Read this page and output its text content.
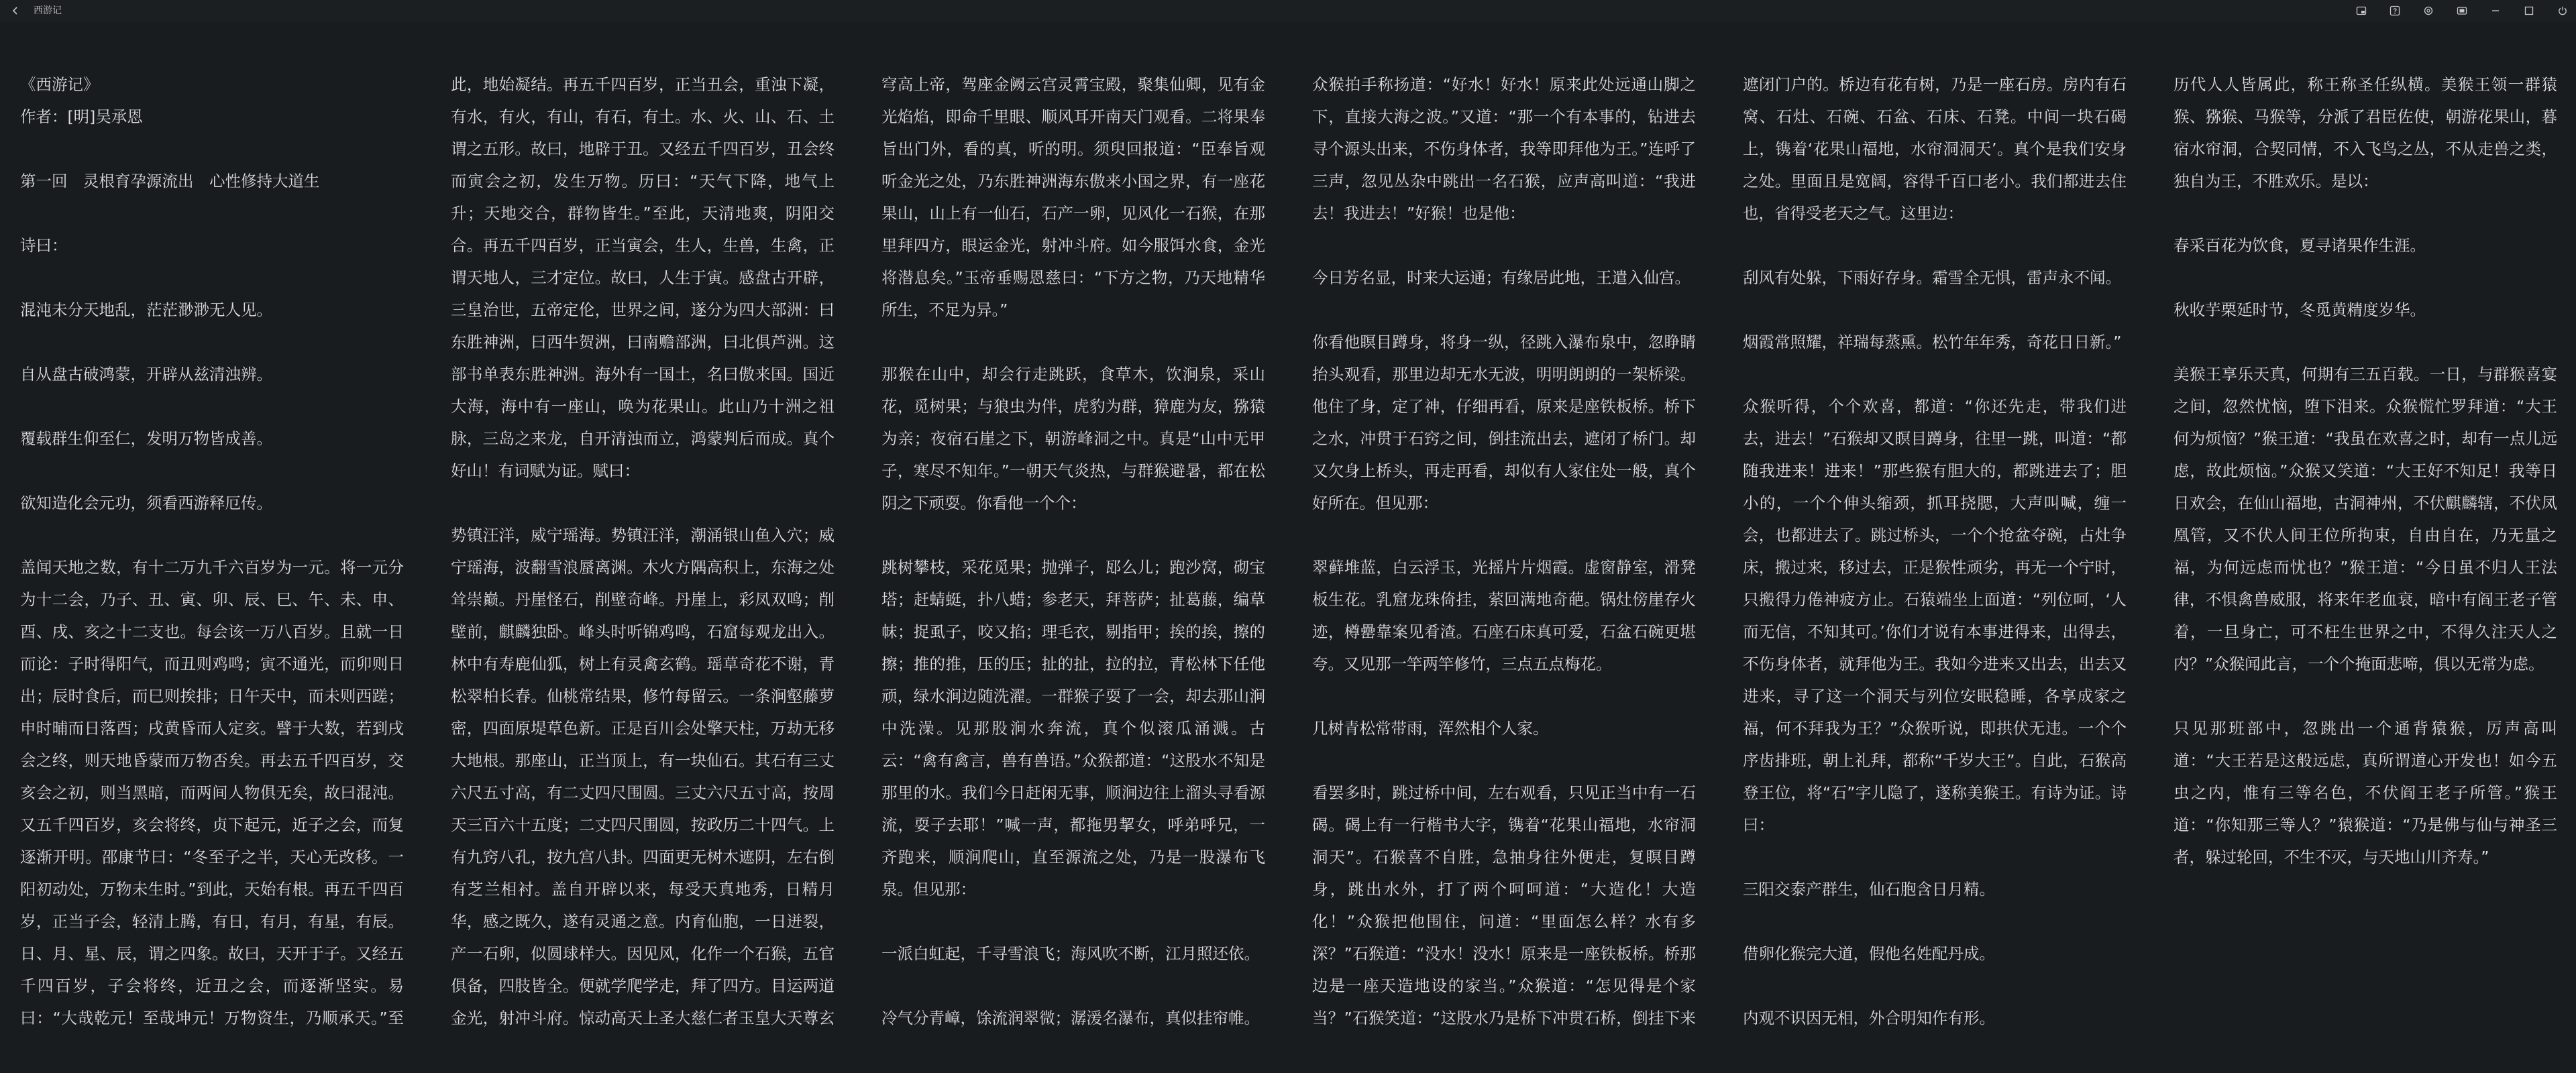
西游记

《西游记》

作者：[明]吴承恩

第一回　灵根育孕源流出　心性修持大道生

诗曰：

混沌未分天地乱，茫茫渺渺无人见。

自从盘古破鸿蒙，开辟从兹清浊辨。

覆载群生仰至仁，发明万物皆成善。

欲知造化会元功，须看西游释厄传。

盖闻天地之数，有十二万九千六百岁为一元。将一元分为十二会，乃子、丑、寅、卯、辰、巳、午、未、申、酉、戌、亥之十二支也。每会该一万八百岁。且就一日而论：子时得阳气，而丑则鸡鸣；寅不通光，而卯则日出；辰时食后，而巳则挨排；日午天中，而未则西蹉；申时晡而日落酉；戌黄昏而人定亥。譬于大数，若到戌会之终，则天地昏蒙而万物否矣。再去五千四百岁，交亥会之初，则当黑暗，而两间人物俱无矣，故曰混沌。又五千四百岁，亥会将终，贞下起元，近子之会，而复逐渐开明。邵康节曰：“冬至子之半，天心无改移。一阳初动处，万物未生时。”到此，天始有根。再五千四百岁，正当子会，轻清上腾，有日，有月，有星，有辰。日、月、星、辰，谓之四象。故曰，天开于子。又经五千四百岁，子会将终，近丑之会，而逐渐坚实。易曰：“大哉乾元！至哉坤元！万物资生，乃顺承天。”至此，地始凝结。再五千四百岁，正当丑会，重浊下凝，有水，有火，有山，有石，有土。水、火、山、石、土谓之五形。故曰，地辟于丑。又经五千四百岁，丑会终而寅会之初，发生万物。历曰：“天气下降，地气上升；天地交合，群物皆生。”至此，天清地爽，阴阳交合。再五千四百岁，正当寅会，生人，生兽，生禽，正谓天地人，三才定位。故曰，人生于寅。感盘古开辟，三皇治世，五帝定伦，世界之间，遂分为四大部洲：曰东胜神洲，曰西牛贺洲，曰南赡部洲，曰北俱芦洲。这部书单表东胜神洲。海外有一国土，名曰傲来国。国近大海，海中有一座山，唤为花果山。此山乃十洲之祖脉，三岛之来龙，自开清浊而立，鸿蒙判后而成。真个好山！有词赋为证。赋曰：

势镇汪洋，威宁瑶海。势镇汪洋，潮涌银山鱼入穴；威宁瑶海，波翻雪浪蜃离渊。木火方隅高积上，东海之处耸崇巅。丹崖怪石，削壁奇峰。丹崖上，彩凤双鸣；削壁前，麒麟独卧。峰头时听锦鸡鸣，石窟每观龙出入。林中有寿鹿仙狐，树上有灵禽玄鹤。瑶草奇花不谢，青松翠柏长春。仙桃常结果，修竹每留云。一条涧壑藤萝密，四面原堤草色新。正是百川会处擎天柱，万劫无移大地根。那座山，正当顶上，有一块仙石。其石有三丈六尺五寸高，有二丈四尺围圆。三丈六尺五寸高，按周天三百六十五度；二丈四尺围圆，按政历二十四气。上有九窍八孔，按九宫八卦。四面更无树木遮阴，左右倒有芝兰相衬。盖自开辟以来，每受天真地秀，日精月华，感之既久，遂有灵通之意。内育仙胞，一日迸裂，产一石卵，似圆球样大。因见风，化作一个石猴，五官俱备，四肢皆全。便就学爬学走，拜了四方。目运两道金光，射冲斗府。惊动高天上圣大慈仁者玉皇大天尊玄穹高上帝，驾座金阙云宫灵霄宝殿，聚集仙卿，见有金光焰焰，即命千里眼、顺风耳开南天门观看。二将果奉旨出门外，看的真，听的明。须臾回报道：“臣奉旨观听金光之处，乃东胜神洲海东傲来小国之界，有一座花果山，山上有一仙石，石产一卵，见风化一石猴，在那里拜四方，眼运金光，射冲斗府。如今服饵水食，金光将潜息矣。”玉帝垂赐恩慈曰：“下方之物，乃天地精华所生，不足为异。”

那猴在山中，却会行走跳跃，食草木，饮涧泉，采山花，觅树果；与狼虫为伴，虎豹为群，獐鹿为友，猕猿为亲；夜宿石崖之下，朝游峰洞之中。真是“山中无甲子，寒尽不知年。”一朝天气炎热，与群猴避暑，都在松阴之下顽耍。你看他一个个：

跳树攀枝，采花觅果；抛弹子，邷么儿；跑沙窝，砌宝塔；赶蜻蜓，扑八蜡；参老天，拜菩萨；扯葛藤，编草帓；捉虱子，咬又掐；理毛衣，剔指甲；挨的挨，擦的擦；推的推，压的压；扯的扯，拉的拉，青松林下任他顽，绿水涧边随洗濯。一群猴子耍了一会，却去那山涧中洗澡。见那股涧水奔流，真个似滚瓜涌溅。古云：“禽有禽言，兽有兽语。”众猴都道：“这股水不知是那里的水。我们今日赶闲无事，顺涧边往上溜头寻看源流，耍子去耶！”喊一声，都拖男挈女，呼弟呼兄，一齐跑来，顺涧爬山，直至源流之处，乃是一股瀑布飞泉。但见那：

一派白虹起，千寻雪浪飞；海风吹不断，江月照还依。

冷气分青嶂，馀流润翠微；潺湲名瀑布，真似挂帘帷。

众猴拍手称扬道：“好水！好水！原来此处远通山脚之下，直接大海之波。”又道：“那一个有本事的，钻进去寻个源头出来，不伤身体者，我等即拜他为王。”连呼了三声，忽见丛杂中跳出一名石猴，应声高叫道：“我进去！我进去！”好猴！也是他：

今日芳名显，时来大运通；有缘居此地，王遣入仙宫。

你看他瞑目蹲身，将身一纵，径跳入瀑布泉中，忽睁睛抬头观看，那里边却无水无波，明明朗朗的一架桥梁。他住了身，定了神，仔细再看，原来是座铁板桥。桥下之水，冲贯于石窍之间，倒挂流出去，遮闭了桥门。却又欠身上桥头，再走再看，却似有人家住处一般，真个好所在。但见那：

翠藓堆蓝，白云浮玉，光摇片片烟霞。虚窗静室，滑凳板生花。乳窟龙珠倚挂，萦回满地奇葩。锅灶傍崖存火迹，樽罍靠案见肴渣。石座石床真可爱，石盆石碗更堪夸。又见那一竿两竿修竹，三点五点梅花。

几树青松常带雨，浑然相个人家。

看罢多时，跳过桥中间，左右观看，只见正当中有一石碣。碣上有一行楷书大字，镌着“花果山福地，水帘洞洞天”。石猴喜不自胜，急抽身往外便走，复瞑目蹲身，跳出水外，打了两个呵呵道：“大造化！大造化！”众猴把他围住，问道：“里面怎么样？水有多深？”石猴道：“没水！没水！原来是一座铁板桥。桥那边是一座天造地设的家当。”众猴道：“怎见得是个家当？”石猴笑道：“这股水乃是桥下冲贯石桥，倒挂下来遮闭门户的。桥边有花有树，乃是一座石房。房内有石窝、石灶、石碗、石盆、石床、石凳。中间一块石碣上，镌着‘花果山福地，水帘洞洞天’。真个是我们安身之处。里面且是宽阔，容得千百口老小。我们都进去住也，省得受老天之气。这里边：

刮风有处躲，下雨好存身。霜雪全无惧，雷声永不闻。

烟霞常照耀，祥瑞每蒸熏。松竹年年秀，奇花日日新。”

众猴听得，个个欢喜，都道：“你还先走，带我们进去，进去！”石猴却又瞑目蹲身，往里一跳，叫道：“都随我进来！进来！”那些猴有胆大的，都跳进去了；胆小的，一个个伸头缩颈，抓耳挠腮，大声叫喊，缠一会，也都进去了。跳过桥头，一个个抢盆夺碗，占灶争床，搬过来，移过去，正是猴性顽劣，再无一个宁时，只搬得力倦神疲方止。石猿端坐上面道：“列位呵，‘人而无信，不知其可。’你们才说有本事进得来，出得去，不伤身体者，就拜他为王。我如今进来又出去，出去又进来，寻了这一个洞天与列位安眠稳睡，各享成家之福，何不拜我为王？”众猴听说，即拱伏无违。一个个序齿排班，朝上礼拜，都称“千岁大王”。自此，石猴高登王位，将“石”字儿隐了，遂称美猴王。有诗为证。诗曰：

三阳交泰产群生，仙石胞含日月精。

借卵化猴完大道，假他名姓配丹成。

内观不识因无相，外合明知作有形。

历代人人皆属此，称王称圣任纵横。美猴王领一群猿猴、猕猴、马猴等，分派了君臣佐使，朝游花果山，暮宿水帘洞，合契同情，不入飞鸟之丛，不从走兽之类，独自为王，不胜欢乐。是以：

春采百花为饮食，夏寻诸果作生涯。

秋收芋栗延时节，冬觅黄精度岁华。

美猴王享乐天真，何期有三五百载。一日，与群猴喜宴之间，忽然忧恼，堕下泪来。众猴慌忙罗拜道：“大王何为烦恼？”猴王道：“我虽在欢喜之时，却有一点儿远虑，故此烦恼。”众猴又笑道：“大王好不知足！我等日日欢会，在仙山福地，古洞神州，不伏麒麟辖，不伏凤凰管，又不伏人间王位所拘束，自由自在，乃无量之福，为何远虑而忧也？”猴王道：“今日虽不归人王法律，不惧禽兽威服，将来年老血衰，暗中有阎王老子管着，一旦身亡，可不枉生世界之中，不得久注天人之内？”众猴闻此言，一个个掩面悲啼，俱以无常为虑。

只见那班部中，忽跳出一个通背猿猴，厉声高叫道：“大王若是这般远虑，真所谓道心开发也！如今五虫之内，惟有三等名色，不伏阎王老子所管。”猴王道：“你知那三等人？”猿猴道：“乃是佛与仙与神圣三者，躲过轮回，不生不灭，与天地山川齐寿。”
